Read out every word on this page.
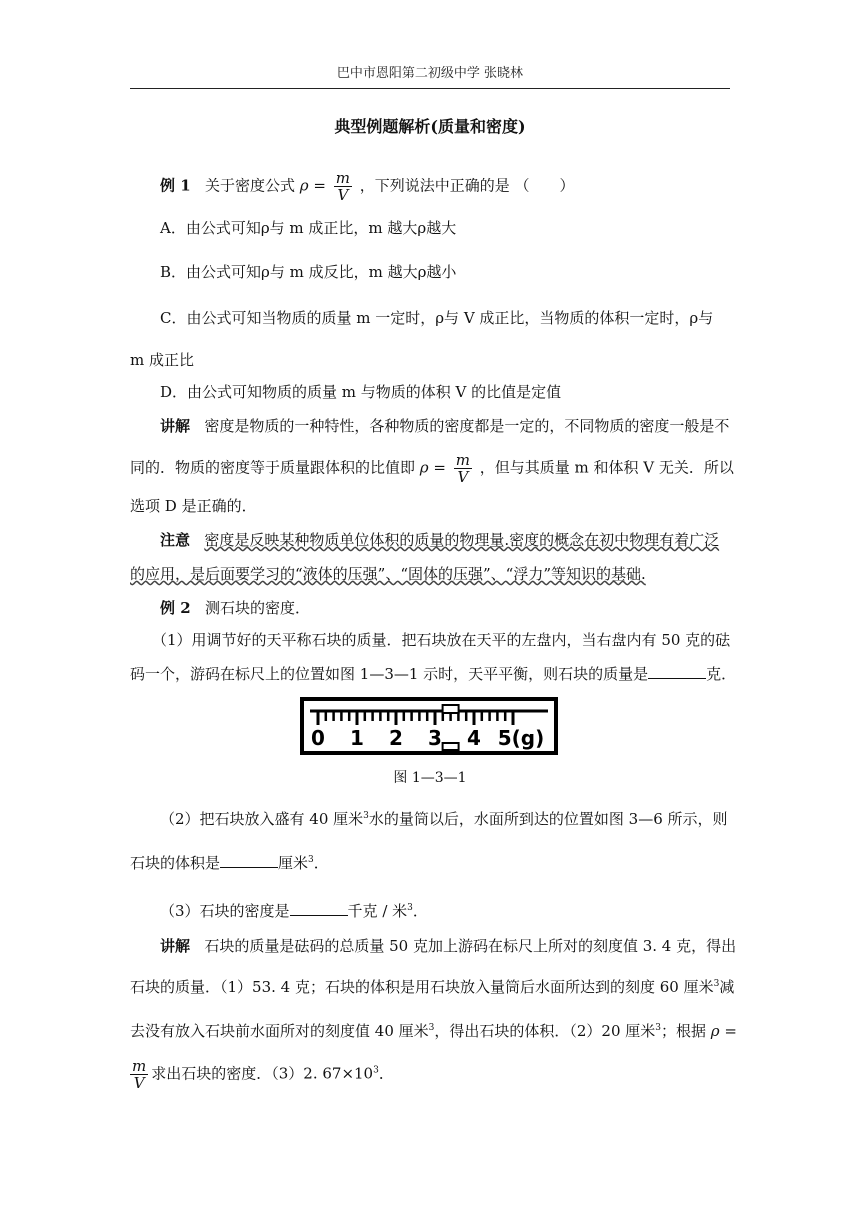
巴中市恩阳第二初级中学 张晓林
典型例题解析(质量和密度)
例 1 关于密度公式 $\rho = \frac{m}{V}$ ，下列说法中正确的是 （　　）
A．由公式可知ρ与 m 成正比，m 越大ρ越大
B．由公式可知ρ与 m 成反比，m 越大ρ越小
C．由公式可知当物质的质量 m 一定时，ρ与 V 成正比，当物质的体积一定时，ρ与
m 成正比
D．由公式可知物质的质量 m 与物质的体积 V 的比值是定值
讲解 密度是物质的一种特性，各种物质的密度都是一定的，不同物质的密度一般是不
同的．物质的密度等于质量跟体积的比值即 $\rho = \frac{m}{V}$ ，但与其质量 m 和体积 V 无关．所以
选项 D 是正确的．
注意 密度是反映某种物质单位体积的质量的物理量.密度的概念在初中物理有着广泛
的应用，是后面要学习的“液体的压强”、“固体的压强”、“浮力”等知识的基础.
例 2 测石块的密度．
（1）用调节好的天平称石块的质量．把石块放在天平的左盘内，当右盘内有 50 克的砝
码一个，游码在标尺上的位置如图 1—3—1 示时，天平平衡，则石块的质量是	克．
0 1 2 3 4 5(g)
图 1—3—1
（2）把石块放入盛有 40 厘米$^3$水的量筒以后，水面所到达的位置如图 3—6 所示，则
石块的体积是	厘米$^3$．
（3）石块的密度是	千克 / 米$^3$．
讲解 石块的质量是砝码的总质量 50 克加上游码在标尺上所对的刻度值 3. 4 克，得出
石块的质量．（1）53. 4 克；石块的体积是用石块放入量筒后水面所达到的刻度 60 厘米$^3$减
去没有放入石块前水面所对的刻度值 40 厘米$^3$，得出石块的体积．（2）20 厘米$^3$；根据 ρ =
$\frac{m}{V}$ 求出石块的密度．（3）2. $67\times 10^3$．
